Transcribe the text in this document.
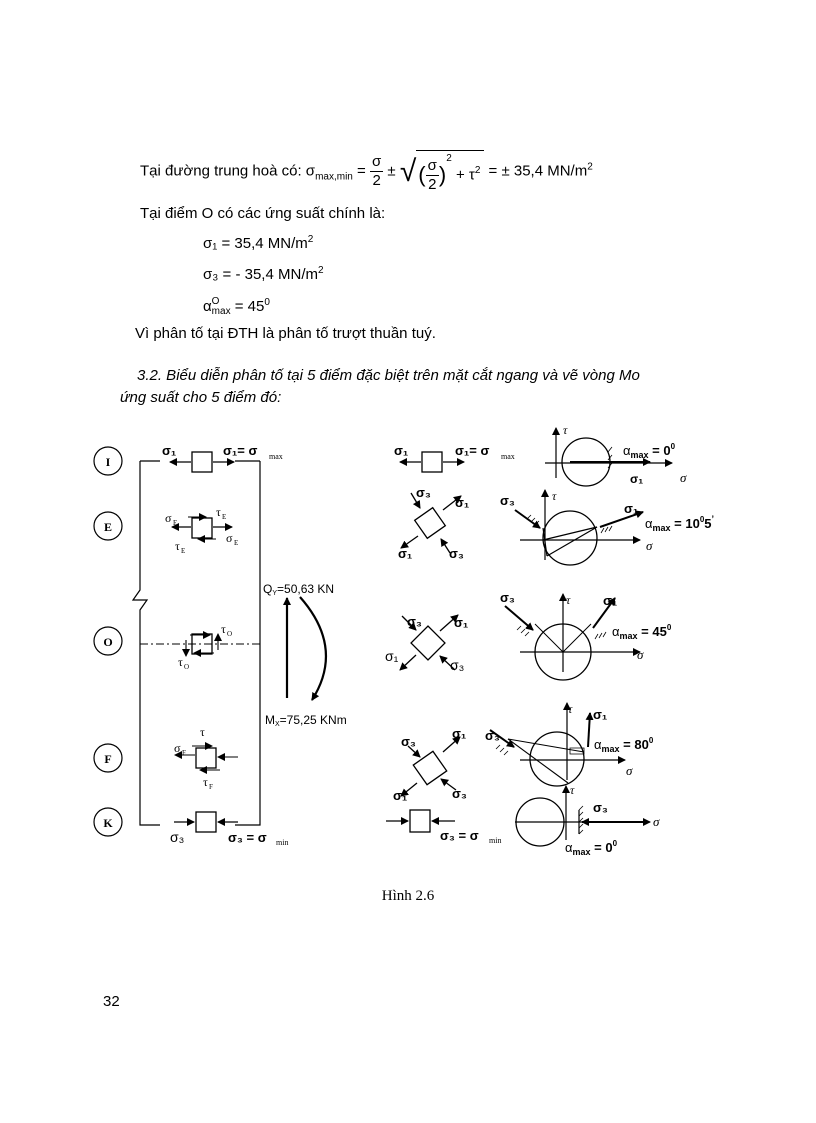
Tại đường trung hoà có: $\sigma_{max,min} = \frac{\sigma}{2}$ ± √( $\frac{\sigma}{2} )^2 + \tau^2$ = ± 35,4 $MN/m^2$
Tại điểm O có các ứng suất chính là:
σ₁ = 35,4 $MN/m^2$
σ₃ = - 35,4 $MN/m^2$
α O
$\max = 45^0$
Vì phân tố tại ĐTH là phân tố trượt thuần tuý.
3.2. Biểu diễn phân tố tại 5 điểm đặc biệt trên mặt cắt ngang và vẽ vòng Mo
ứng suất cho 5 điểm đó:
I
E
O
F
K
σ₁	σ₁= σ max
σ E
τ E
τ E
σ E
τ O
τ O
τ
σ F
τ F
σ₃	σ₃ = σ min
QY=50,63 KN
MX=75,25 KNm
σ₁	σ₁= σ max
σ₃
σ₁
σ₁	σ₃
σ₃ σ₁
σ₁
σ₃
σ₃
σ₁
σ₁	σ₃
σ₃ = σ min
τ
$\alpha_{max} = 0^0$
σ₁	σ
τ
σ₃
σ₁
$\alpha_{max} = 10^05^’$
σ
τ
σ₃	σ₁
$\alpha_{max} = 45^0$
σ
τ
σ₃
σ₁
$\alpha_{max} = 80^0$
σ
τ
σ₃
σ
$\alpha_{max} = 0^0$
Hình 2.6
32
